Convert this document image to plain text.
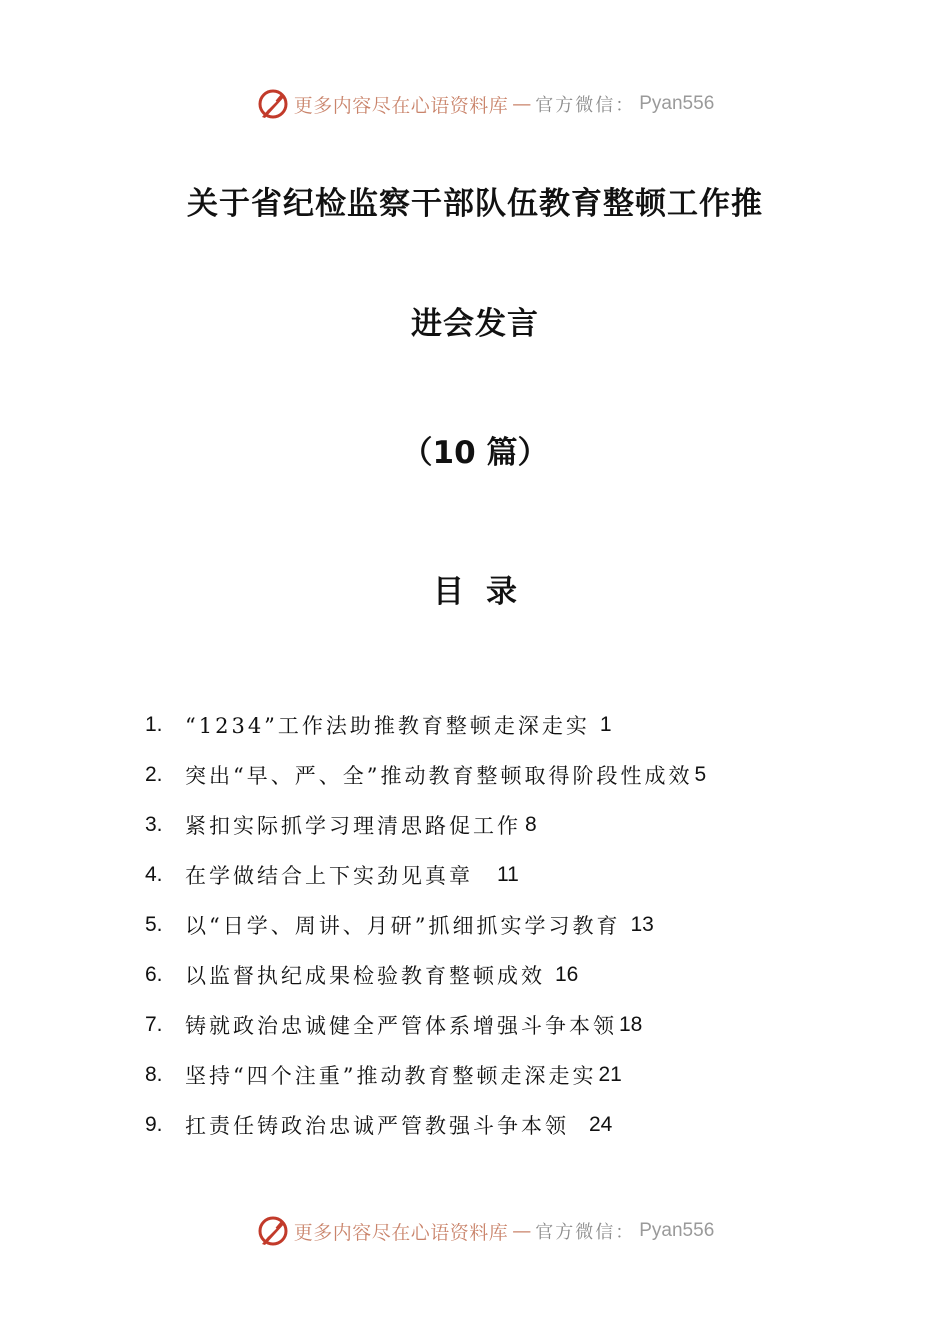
更多内容尽在心语资料库 — 官方微信： Pyan556
关于省纪检监察干部队伍教育整顿工作推
进会发言
（10 篇）
目录
1.	“1234”工作法助推教育整顿走深走实 1
2.	突出“早、严、全”推动教育整顿取得阶段性成效 5
3.	紧扣实际抓学习理清思路促工作 8
4.	在学做结合上下实劲见真章 11
5.	以“日学、周讲、月研”抓细抓实学习教育 13
6.	以监督执纪成果检验教育整顿成效 16
7.	铸就政治忠诚健全严管体系增强斗争本领 18
8.	坚持“四个注重”推动教育整顿走深走实 21
9.	扛责任铸政治忠诚严管教强斗争本领 24
更多内容尽在心语资料库 — 官方微信： Pyan556
